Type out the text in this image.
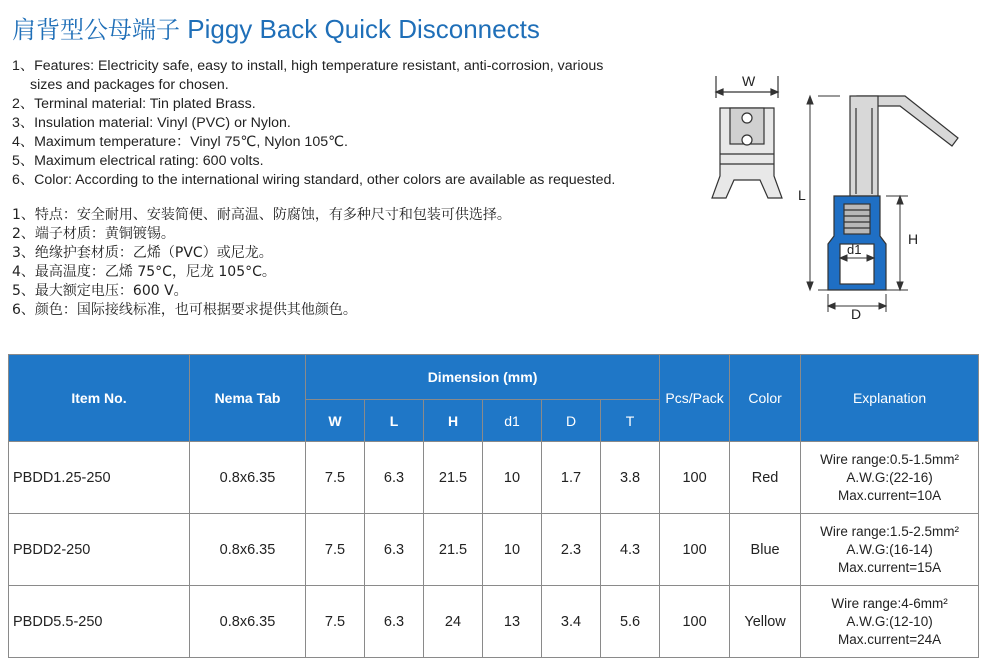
肩背型公母端子 Piggy Back Quick Disconnects
1、Features: Electricity safe, easy to install, high temperature resistant, anti-corrosion, various
sizes and packages for chosen.
2、Terminal material: Tin plated Brass.
3、Insulation material: Vinyl (PVC) or Nylon.
4、Maximum temperature：Vinyl 75℃, Nylon 105℃.
5、Maximum electrical rating: 600 volts.
6、Color: According to the international wiring standard, other colors are available as requested.
1、特点：安全耐用、安装简便、耐高温、防腐蚀，有多种尺寸和包装可供选择。
2、端子材质：黄铜镀锡。
3、绝缘护套材质：乙烯（PVC）或尼龙。
4、最高温度：乙烯 75°C，尼龙 105°C。
5、最大额定电压：600 V。
6、颜色：国际接线标准，也可根据要求提供其他颜色。
W
L
H
d1
D
Item No.	Nema Tab	Dimension (mm)						Pcs/Pack	Color	Explanation
		W	L	H	d1	D	T			
PBDD1.25-250	0.8x6.35	7.5	6.3	21.5	10	1.7	3.8	100	Red	Wire range:0.5-1.5mm²
A.W.G:(22-16)
Max.current=10A

PBDD2-250	0.8x6.35	7.5	6.3	21.5	10	2.3	4.3	100	Blue	Wire range:1.5-2.5mm²
A.W.G:(16-14)
Max.current=15A

PBDD5.5-250	0.8x6.35	7.5	6.3	24	13	3.4	5.6	100	Yellow	Wire range:4-6mm²
A.W.G:(12-10)
Max.current=24A
